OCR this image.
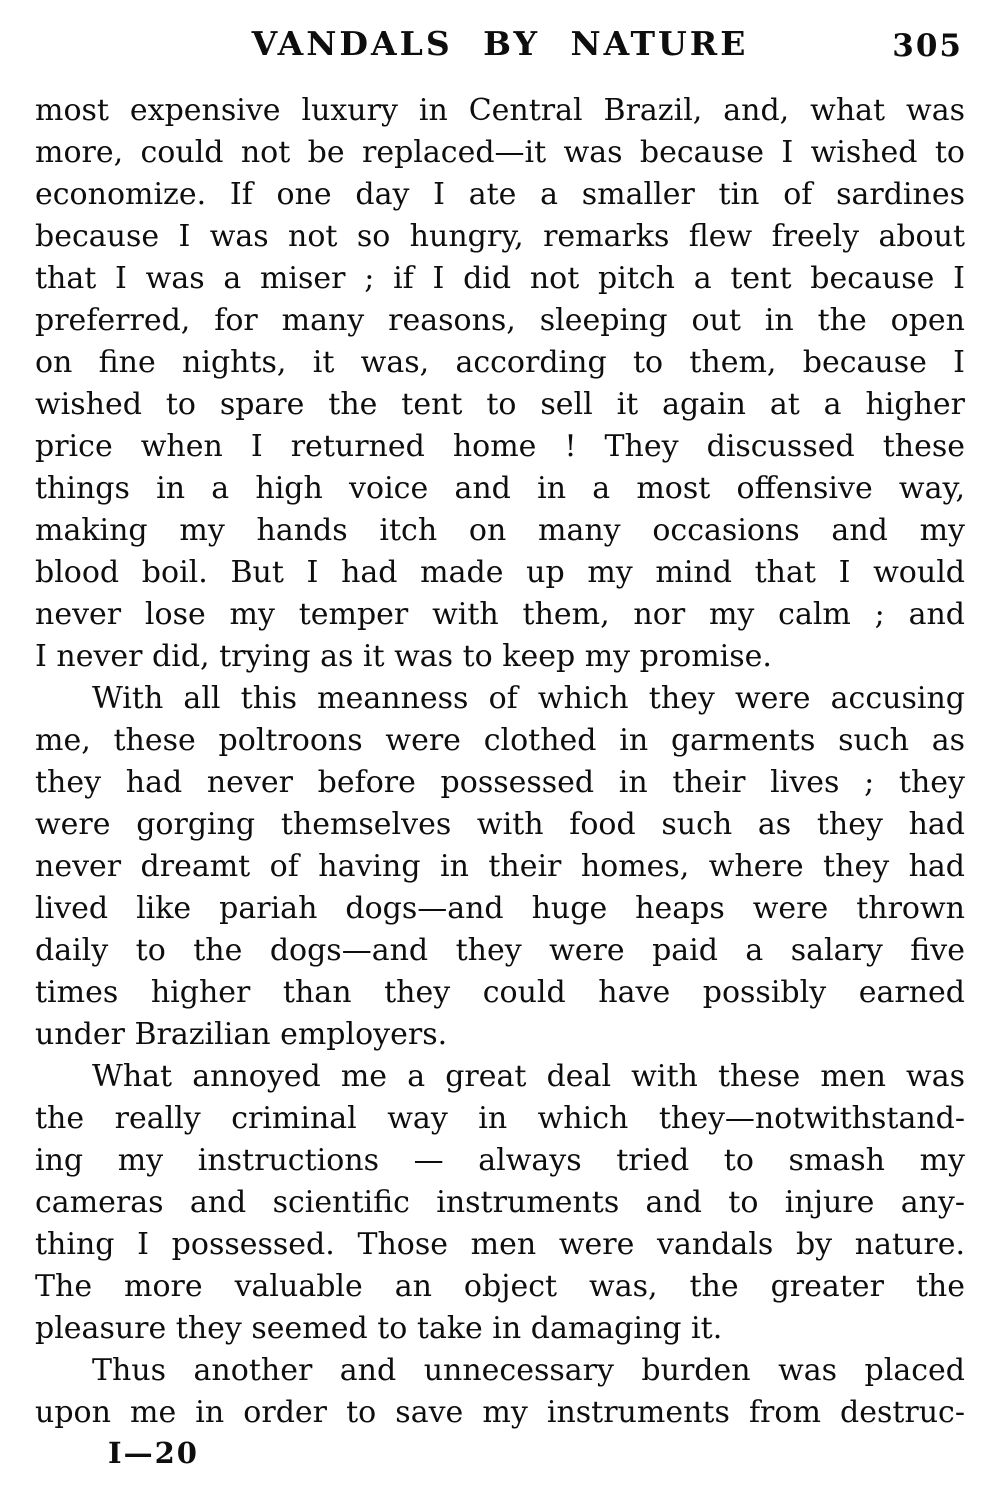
VANDALS BY NATURE	305

most expensive luxury in Central Brazil, and, what was
more, could not be replaced—it was because I wished to
economize. If one day I ate a smaller tin of sardines
because I was not so hungry, remarks flew freely about
that I was a miser ; if I did not pitch a tent because I
preferred, for many reasons, sleeping out in the open
on fine nights, it was, according to them, because I
wished to spare the tent to sell it again at a higher
price when I returned home ! They discussed these
things in a high voice and in a most offensive way,
making my hands itch on many occasions and my
blood boil. But I had made up my mind that I would
never lose my temper with them, nor my calm ; and
I never did, trying as it was to keep my promise.

With all this meanness of which they were accusing
me, these poltroons were clothed in garments such as
they had never before possessed in their lives ; they
were gorging themselves with food such as they had
never dreamt of having in their homes, where they had
lived like pariah dogs—and huge heaps were thrown
daily to the dogs—and they were paid a salary five
times higher than they could have possibly earned
under Brazilian employers.

What annoyed me a great deal with these men was
the really criminal way in which they—notwithstand-
ing my instructions — always tried to smash my
cameras and scientific instruments and to injure any-
thing I possessed. Those men were vandals by nature.
The more valuable an object was, the greater the
pleasure they seemed to take in damaging it.

Thus another and unnecessary burden was placed
upon me in order to save my instruments from destruc-

I—20
